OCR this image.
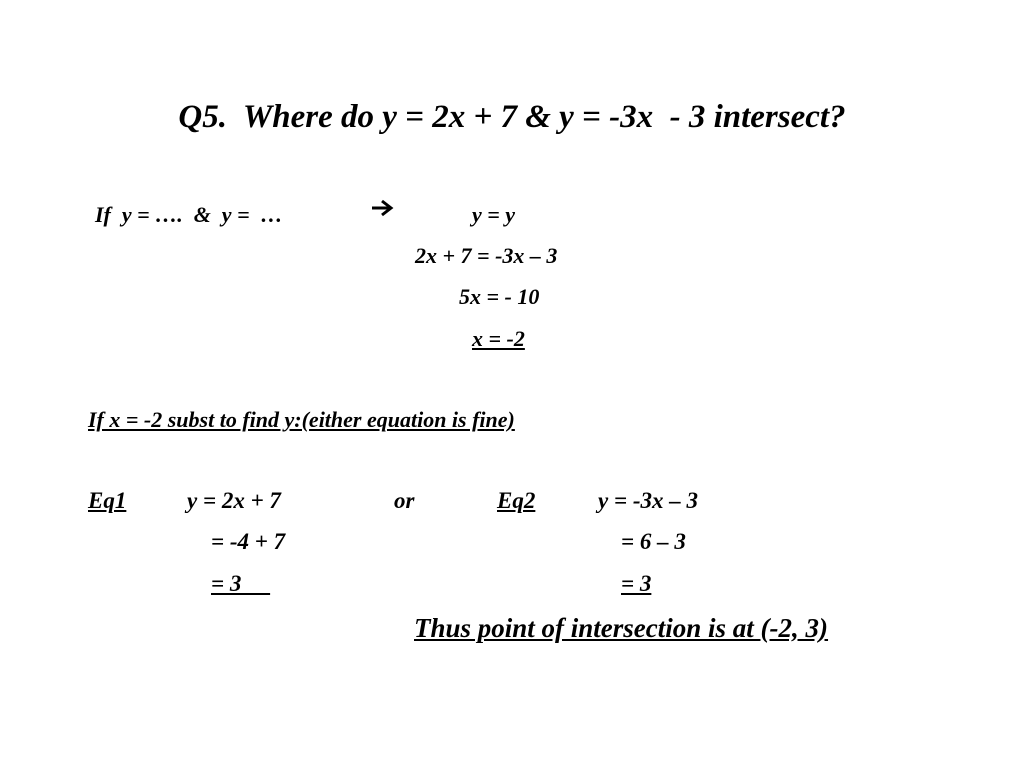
Q5.  Where do y = 2x + 7 & y = -3x  - 3 intersect?
If  y = ….  &  y =  …	y = y
2x + 7 = -3x – 3
5x = - 10
x = -2
If x = -2 subst to find y:(either equation is fine)
Eq1	y = 2x + 7	or	Eq2	y = -3x – 3
= -4 + 7	= 6 – 3
= 3	= 3
Thus point of intersection is at (-2, 3)
